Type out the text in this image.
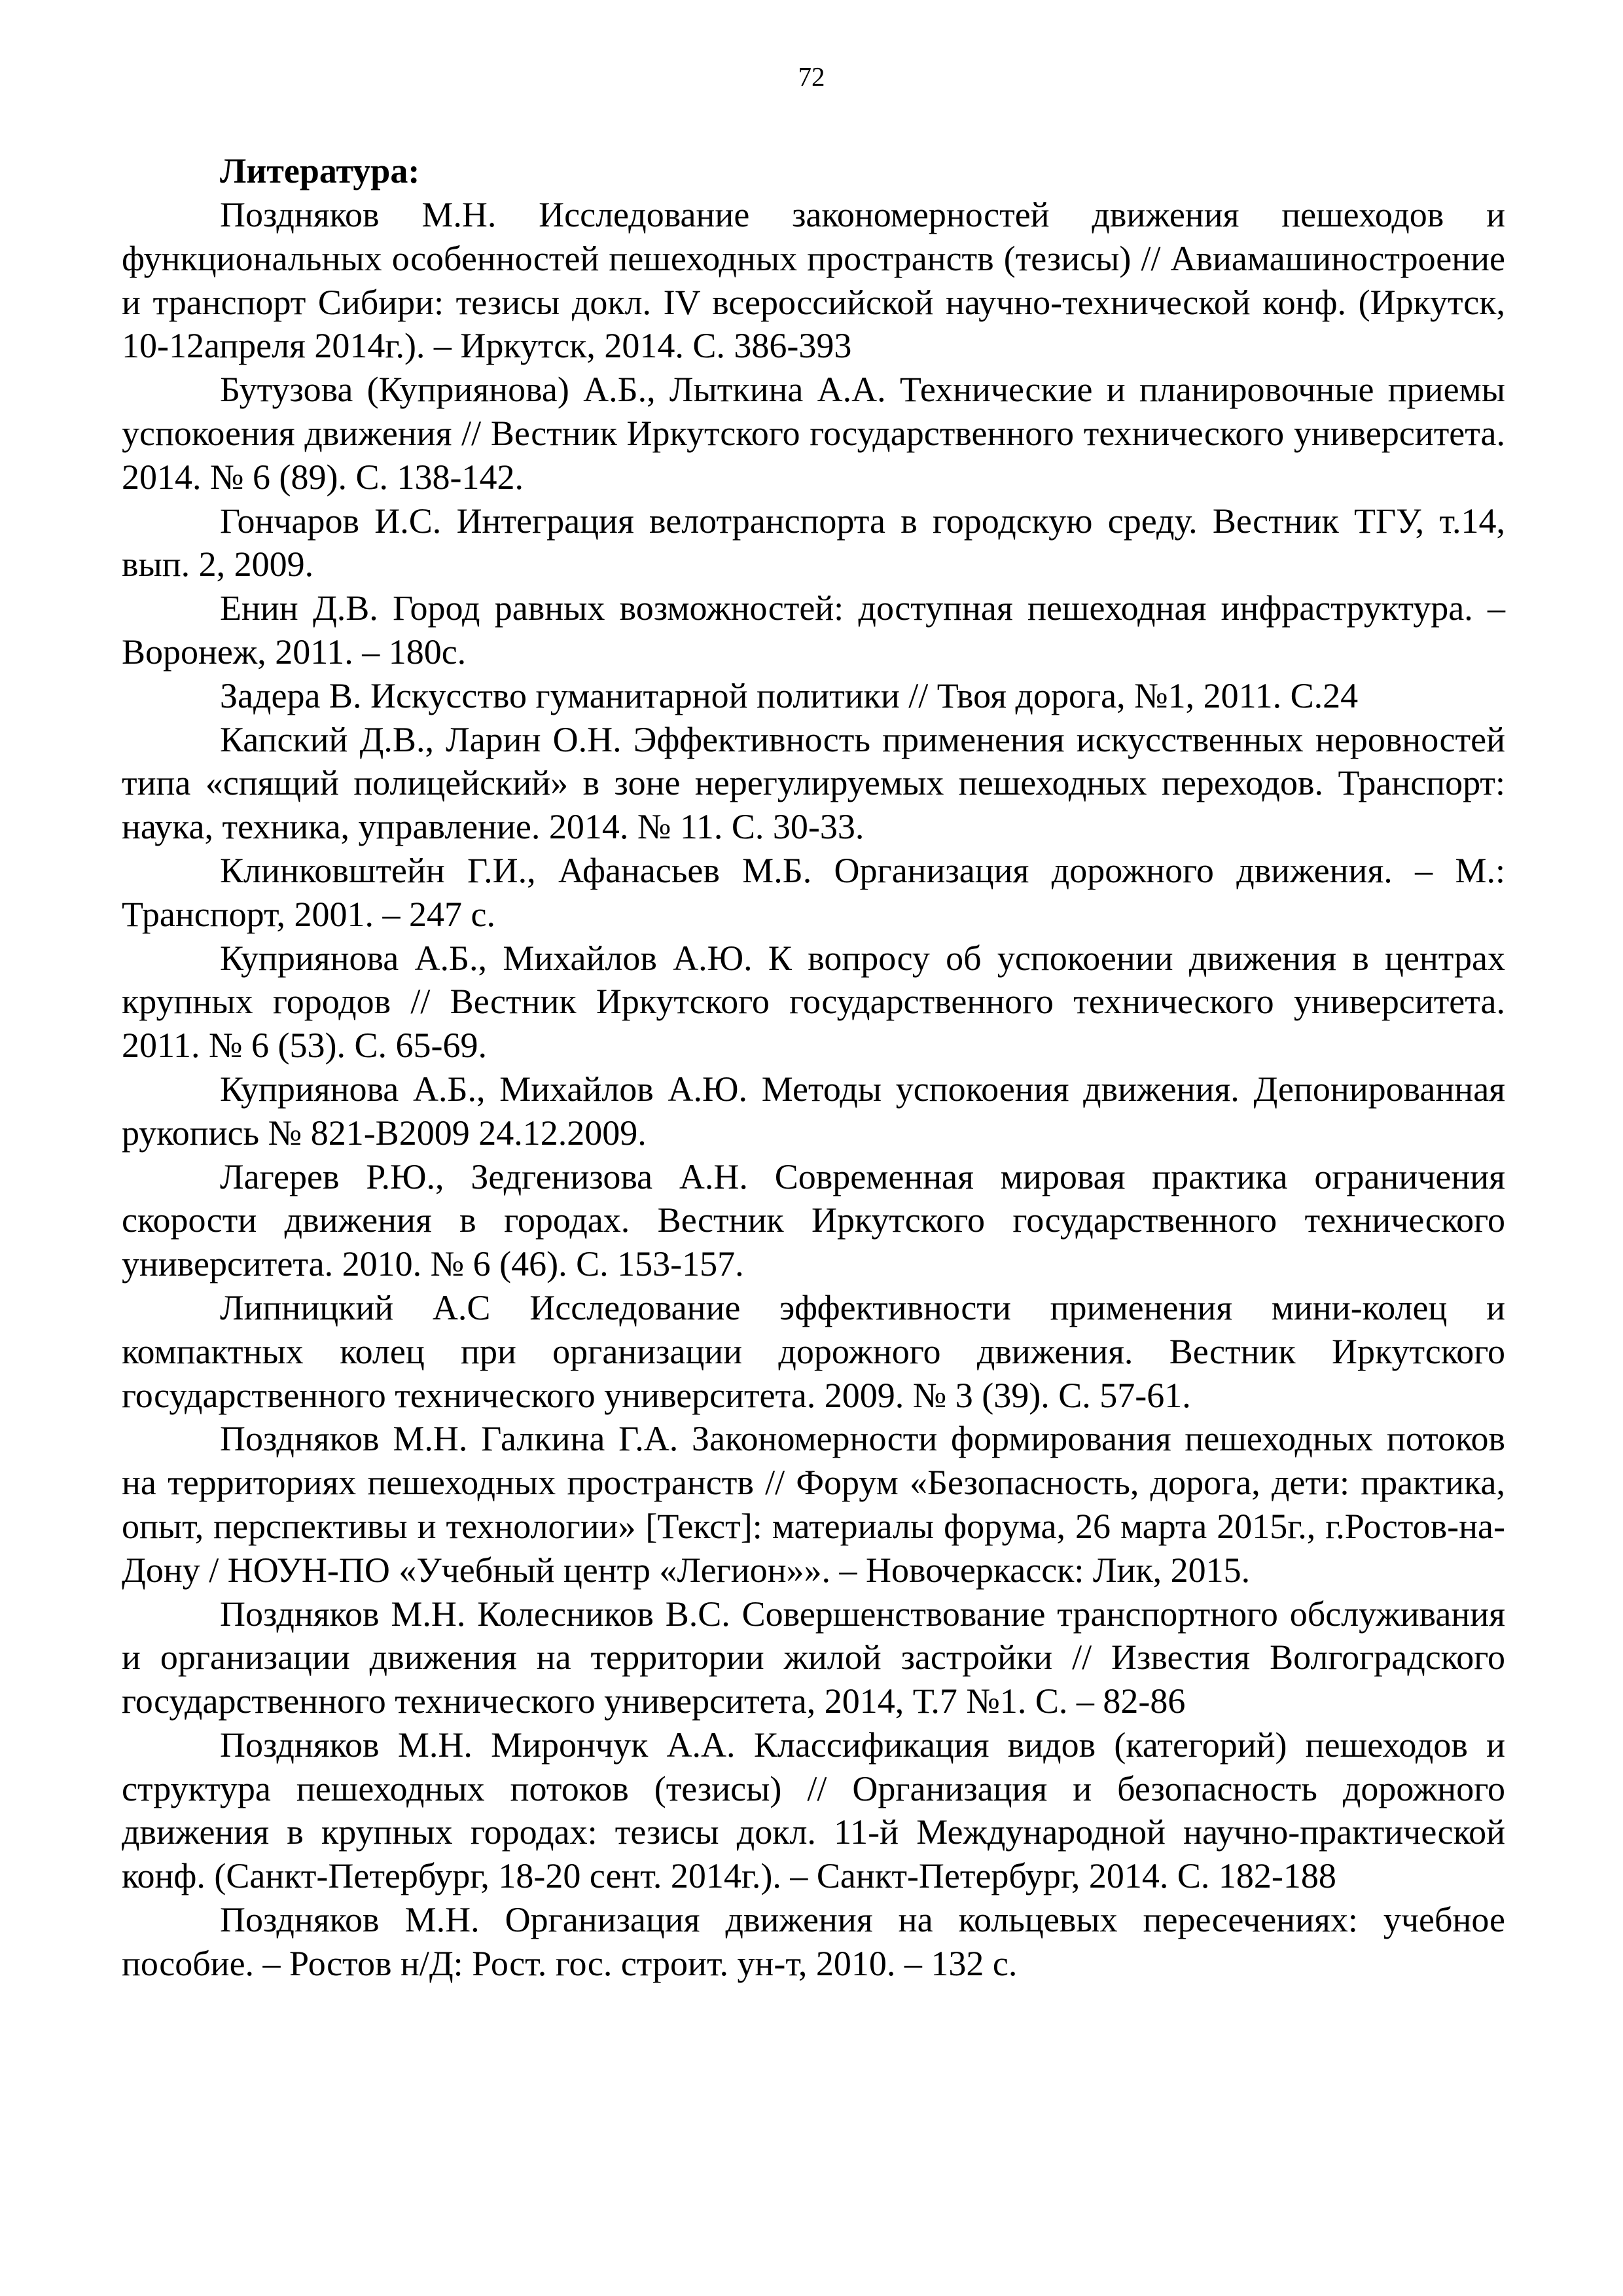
72
Литература:

Поздняков М.Н. Исследование закономерностей движения пешеходов и функциональных особенностей пешеходных пространств (тезисы) // Авиамашиностроение и транспорт Сибири: тезисы докл. IV всероссийской научно-технической конф. (Иркутск, 10-12апреля 2014г.). – Иркутск, 2014. С. 386-393

Бутузова (Куприянова) А.Б., Лыткина А.А. Технические и планировочные приемы успокоения движения // Вестник Иркутского государственного технического университета. 2014. № 6 (89). С. 138-142.

Гончаров И.С. Интеграция велотранспорта в городскую среду. Вестник ТГУ, т.14, вып. 2, 2009.

Енин Д.В. Город равных возможностей: доступная пешеходная инфраструктура. – Воронеж, 2011. – 180с.

Задера В. Искусство гуманитарной политики // Твоя дорога, №1, 2011. С.24

Капский Д.В., Ларин О.Н. Эффективность применения искусственных неровностей типа «спящий полицейский» в зоне нерегулируемых пешеходных переходов. Транспорт: наука, техника, управление. 2014. № 11. С. 30-33.

Клинковштейн Г.И., Афанасьев М.Б. Организация дорожного движения. – М.: Транспорт, 2001. – 247 с.

Куприянова А.Б., Михайлов А.Ю. К вопросу об успокоении движения в центрах крупных городов // Вестник Иркутского государственного технического университета. 2011. № 6 (53). С. 65-69.

Куприянова А.Б., Михайлов А.Ю. Методы успокоения движения. Депонированная рукопись № 821-В2009 24.12.2009.

Лагерев Р.Ю., Зедгенизова А.Н. Современная мировая практика ограничения скорости движения в городах. Вестник Иркутского государственного технического университета. 2010. № 6 (46). С. 153-157.

Липницкий А.С Исследование эффективности применения мини-колец и компактных колец при организации дорожного движения. Вестник Иркутского государственного технического университета. 2009. № 3 (39). С. 57-61.

Поздняков М.Н. Галкина Г.А. Закономерности формирования пешеходных потоков на территориях пешеходных пространств // Форум «Безопасность, дорога, дети: практика, опыт, перспективы и технологии» [Текст]: материалы форума, 26 марта 2015г., г.Ростов-на-Дону / НОУН-ПО «Учебный центр «Легион»». – Новочеркасск: Лик, 2015.

Поздняков М.Н. Колесников В.С. Совершенствование транспортного обслуживания и организации движения на территории жилой застройки // Известия Волгоградского государственного технического университета, 2014, Т.7 №1. С. – 82-86

Поздняков М.Н. Мирончук А.А. Классификация видов (категорий) пешеходов и структура пешеходных потоков (тезисы) // Организация и безопасность дорожного движения в крупных городах: тезисы докл. 11-й Международной научно-практической конф. (Санкт-Петербург, 18-20 сент. 2014г.). – Санкт-Петербург, 2014. С. 182-188

Поздняков М.Н. Организация движения на кольцевых пересечениях: учебное пособие. – Ростов н/Д: Рост. гос. строит. ун-т, 2010. – 132 с.
